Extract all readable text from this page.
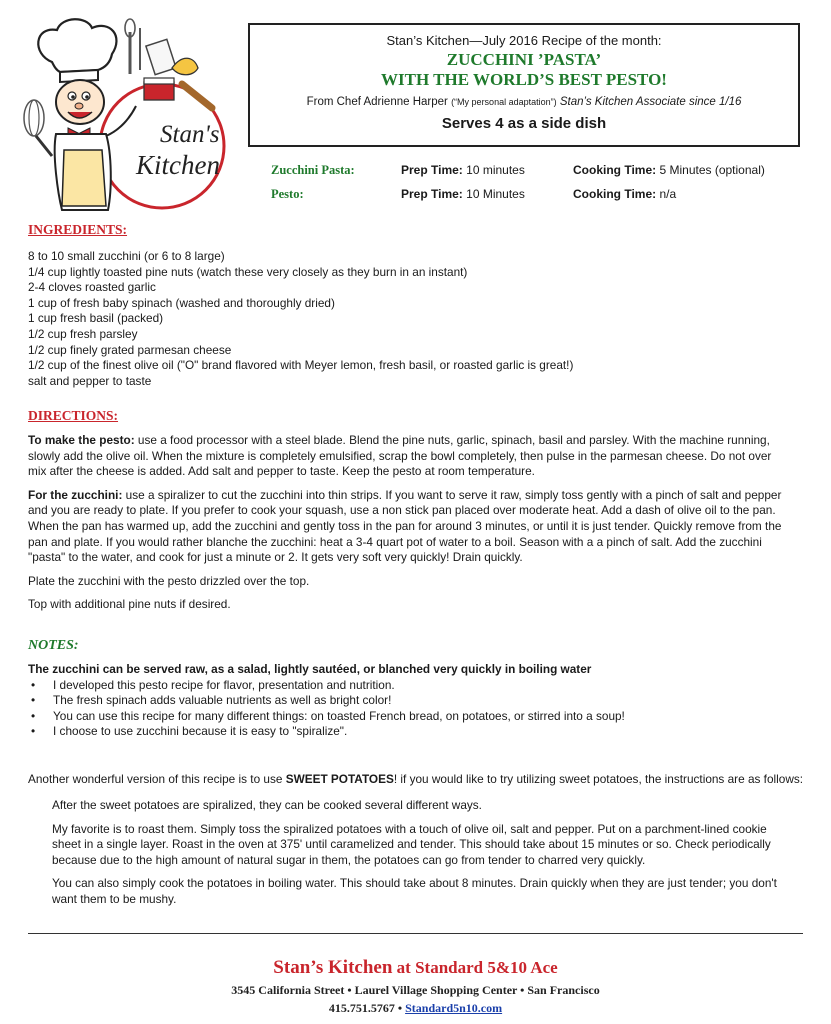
Stan's
Kitchen
Stan’s Kitchen—July 2016 Recipe of the month:
ZUCCHINI ’PASTA’
WITH THE WORLD’S BEST PESTO!
From Chef Adrienne Harper (“My personal adaptation”) Stan’s Kitchen Associate since 1/16
Serves 4 as a side dish
Zucchini Pasta:	Prep Time: 10 minutes	Cooking Time: 5 Minutes (optional)
Pesto:	Prep Time: 10 Minutes	Cooking Time: n/a
INGREDIENTS:
8 to 10 small zucchini (or 6 to 8 large)
1/4 cup lightly toasted pine nuts (watch these very closely as they burn in an instant)
2-4 cloves roasted garlic
1 cup of fresh baby spinach (washed and thoroughly dried)
1 cup fresh basil (packed)
1/2 cup fresh parsley
1/2 cup finely grated parmesan cheese
1/2 cup of the finest olive oil ("O" brand flavored with Meyer lemon, fresh basil, or roasted garlic is great!)
salt and pepper to taste
DIRECTIONS:

To make the pesto: use a food processor with a steel blade. Blend the pine nuts, garlic, spinach, basil and parsley. With the machine running, slowly add the olive oil. When the mixture is completely emulsified, scrap the bowl completely, then pulse in the parmesan cheese. Do not over mix after the cheese is added. Add salt and pepper to taste. Keep the pesto at room temperature.

For the zucchini: use a spiralizer to cut the zucchini into thin strips. If you want to serve it raw, simply toss gently with a pinch of salt and pepper and you are ready to plate. If you prefer to cook your squash, use a non stick pan placed over moderate heat. Add a dash of olive oil to the pan. When the pan has warmed up, add the zucchini and gently toss in the pan for around 3 minutes, or until it is just tender. Quickly remove from the pan and plate. If you would rather blanche the zucchini: heat a 3-4 quart pot of water to a boil. Season with a a pinch of salt. Add the zucchini "pasta" to the water, and cook for just a minute or 2. It gets very soft very quickly! Drain quickly.

Plate the zucchini with the pesto drizzled over the top.

Top with additional pine nuts if desired.

NOTES:

The zucchini can be served raw, as a salad, lightly sautéed, or blanched very quickly in boiling water

• I developed this pesto recipe for flavor, presentation and nutrition.
• The fresh spinach adds valuable nutrients as well as bright color!
• You can use this recipe for many different things: on toasted French bread, on potatoes, or stirred into a soup!
• I choose to use zucchini because it is easy to "spiralize".
Another wonderful version of this recipe is to use SWEET POTATOES! if you would like to try utilizing sweet potatoes, the instructions are as follows:

After the sweet potatoes are spiralized, they can be cooked several different ways.

My favorite is to roast them. Simply toss the spiralized potatoes with a touch of olive oil, salt and pepper. Put on a parchment-lined cookie sheet in a single layer. Roast in the oven at 375' until caramelized and tender. This should take about 15 minutes or so. Check periodically because due to the high amount of natural sugar in them, the potatoes can go from tender to charred very quickly.

You can also simply cook the potatoes in boiling water. This should take about 8 minutes. Drain quickly when they are just tender; you don't want them to be mushy.

Stan’s Kitchen at Standard 5&10 Ace
3545 California Street • Laurel Village Shopping Center • San Francisco
415.751.5767 • Standard5n10.com
